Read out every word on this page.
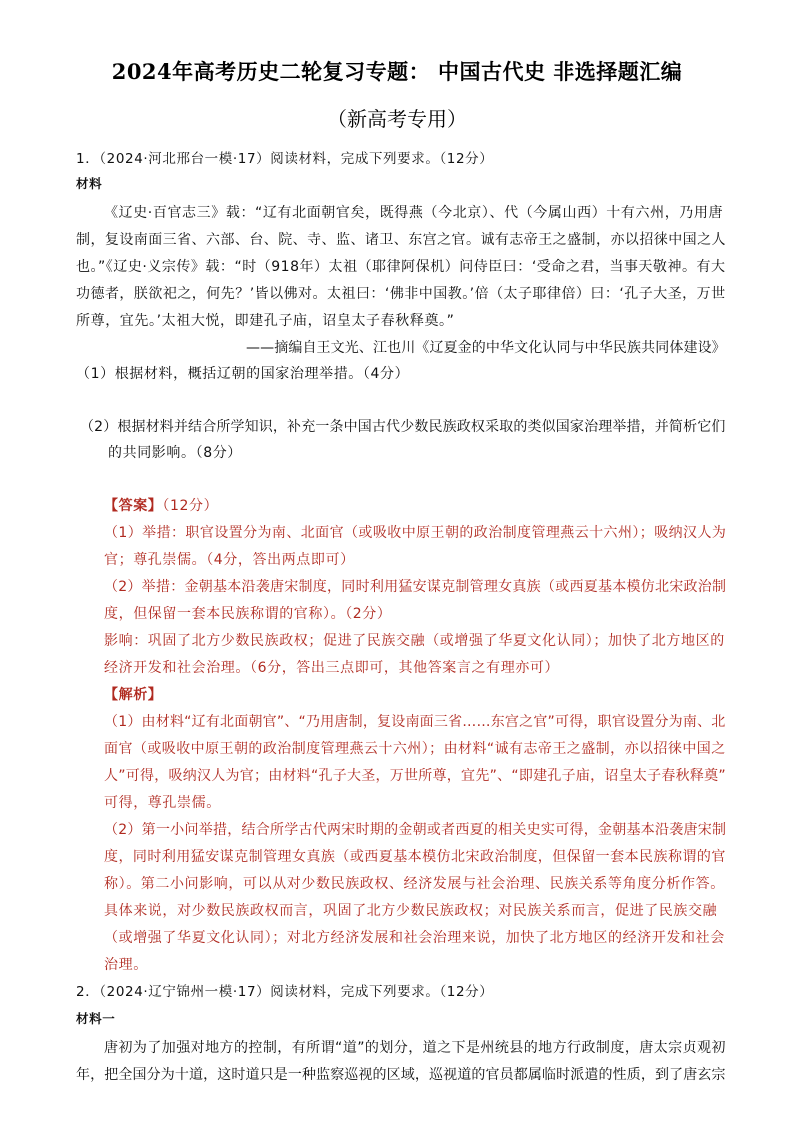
2024年高考历史二轮复习专题： 中国古代史 非选择题汇编
（新高考专用）
1．（2024·河北邢台一模·17）阅读材料，完成下列要求。（12分）
材料
《辽史·百官志三》载：“辽有北面朝官矣，既得燕（今北京）、代（今属山西）十有六州，乃用唐
制，复设南面三省、六部、台、院、寺、监、诸卫、东宫之官。诚有志帝王之盛制，亦以招徕中国之人
也。”《辽史·义宗传》载：“时（918年）太祖（耶律阿保机）问侍臣曰：‘受命之君，当事天敬神。有大
功德者，朕欲祀之，何先？’皆以佛对。太祖曰：‘佛非中国教。’倍（太子耶律倍）曰：‘孔子大圣，万世
所尊，宜先。’太祖大悦，即建孔子庙，诏皇太子春秋释奠。”
——摘编自王文光、江也川《辽夏金的中华文化认同与中华民族共同体建设》
（1）根据材料，概括辽朝的国家治理举措。（4分）
（2）根据材料并结合所学知识，补充一条中国古代少数民族政权采取的类似国家治理举措，并简析它们
的共同影响。（8分）
【答案】（12分）
（1）举措：职官设置分为南、北面官（或吸收中原王朝的政治制度管理燕云十六州）；吸纳汉人为
官；尊孔崇儒。（4分，答出两点即可）
（2）举措：金朝基本沿袭唐宋制度，同时利用猛安谋克制管理女真族（或西夏基本模仿北宋政治制
度，但保留一套本民族称谓的官称）。（2分）
影响：巩固了北方少数民族政权；促进了民族交融（或增强了华夏文化认同）；加快了北方地区的
经济开发和社会治理。（6分，答出三点即可，其他答案言之有理亦可）
【解析】
（1）由材料“辽有北面朝官”、“乃用唐制，复设南面三省……东宫之官”可得，职官设置分为南、北
面官（或吸收中原王朝的政治制度管理燕云十六州）；由材料“诚有志帝王之盛制，亦以招徕中国之
人”可得，吸纳汉人为官；由材料“孔子大圣，万世所尊，宜先”、“即建孔子庙，诏皇太子春秋释奠”
可得，尊孔崇儒。
（2）第一小问举措，结合所学古代两宋时期的金朝或者西夏的相关史实可得，金朝基本沿袭唐宋制
度，同时利用猛安谋克制管理女真族（或西夏基本模仿北宋政治制度，但保留一套本民族称谓的官
称）。第二小问影响，可以从对少数民族政权、经济发展与社会治理、民族关系等角度分析作答。
具体来说，对少数民族政权而言，巩固了北方少数民族政权；对民族关系而言，促进了民族交融
（或增强了华夏文化认同）；对北方经济发展和社会治理来说，加快了北方地区的经济开发和社会
治理。
2．（2024·辽宁锦州一模·17）阅读材料，完成下列要求。（12分）
材料一
唐初为了加强对地方的控制，有所谓“道”的划分，道之下是州统县的地方行政制度，唐太宗贞观初
年，把全国分为十道，这时道只是一种监察巡视的区域，巡视道的官员都属临时派遣的性质，到了唐玄宗
